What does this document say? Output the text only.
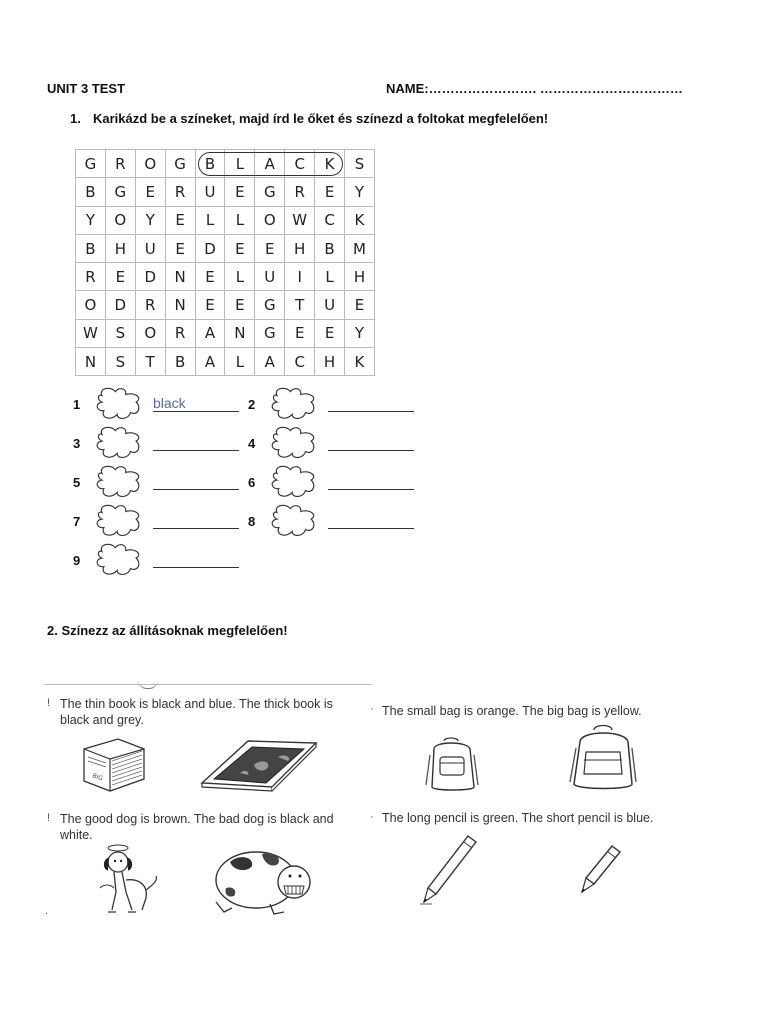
UNIT 3 TEST	NAME:……………………. ……………………………
1. Karikázd be a színeket, majd írd le őket és színezd a foltokat megfelelően!
G	R	O	G	B	L	A	C	K	S
B	G	E	R	U	E	G	R	E	Y
Y	O	Y	E	L	L	O	W	C	K
B	H	U	E	D	E	E	H	B	M
R	E	D	N	E	L	U	I	L	H
O	D	R	N	E	E	G	T	U	E
W	S	O	R	A	N	G	E	E	Y
N	S	T	B	A	L	A	C	H	K
1	black	2
3	4
5	6
7	8
9
2. Színezz az állításoknak megfelelően!
! The thin book is black and blue. The thick book is black and grey.
· The small bag is orange. The big bag is yellow.
! The good dog is brown. The bad dog is black and white.
· The long pencil is green. The short pencil is blue.
.
BIG
